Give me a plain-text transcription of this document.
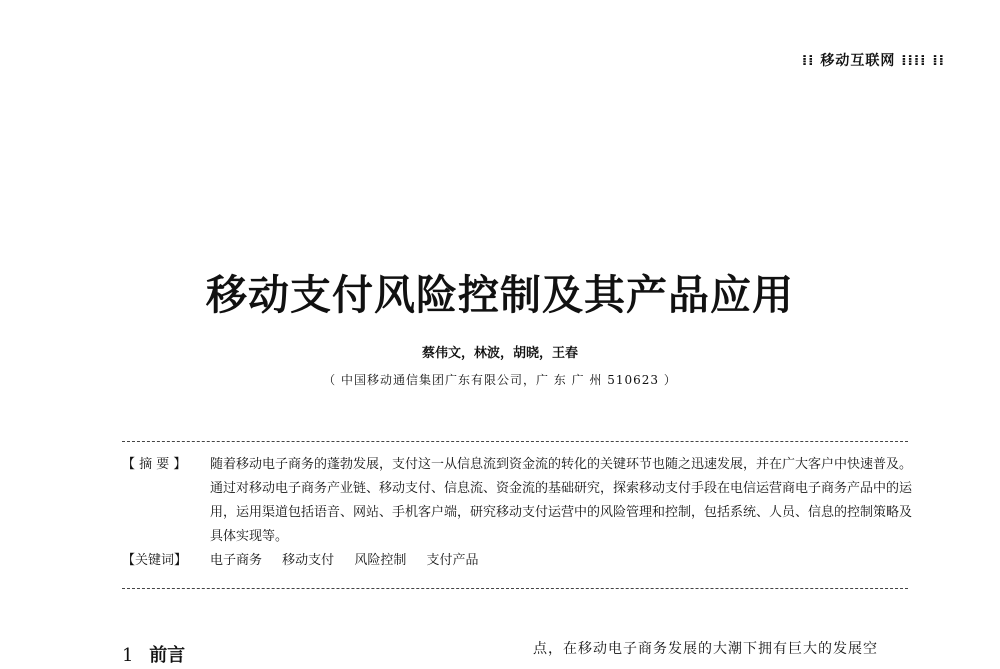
⁞⁞ 移动互联网 ⁞⁞⁞⁞ ⁞⁞
移动支付风险控制及其产品应用
蔡伟文，林波，胡晓，王春
（ 中国移动通信集团广东有限公司，广 东 广 州 510623 ）
【 摘 要 】	随着移动电子商务的蓬勃发展，支付这一从信息流到资金流的转化的关键环节也随之迅速发展，并在广大客户中快速普及。通过对移动电子商务产业链、移动支付、信息流、资金流的基础研究，探索移动支付手段在电信运营商电子商务产品中的运用，运用渠道包括语音、网站、手机客户端，研究移动支付运营中的风险管理和控制，包括系统、人员、信息的控制策略及具体实现等。
【关键词】	电子商务 移动支付 风险控制 支付产品
1 前言	点，在移动电子商务发展的大潮下拥有巨大的发展空
